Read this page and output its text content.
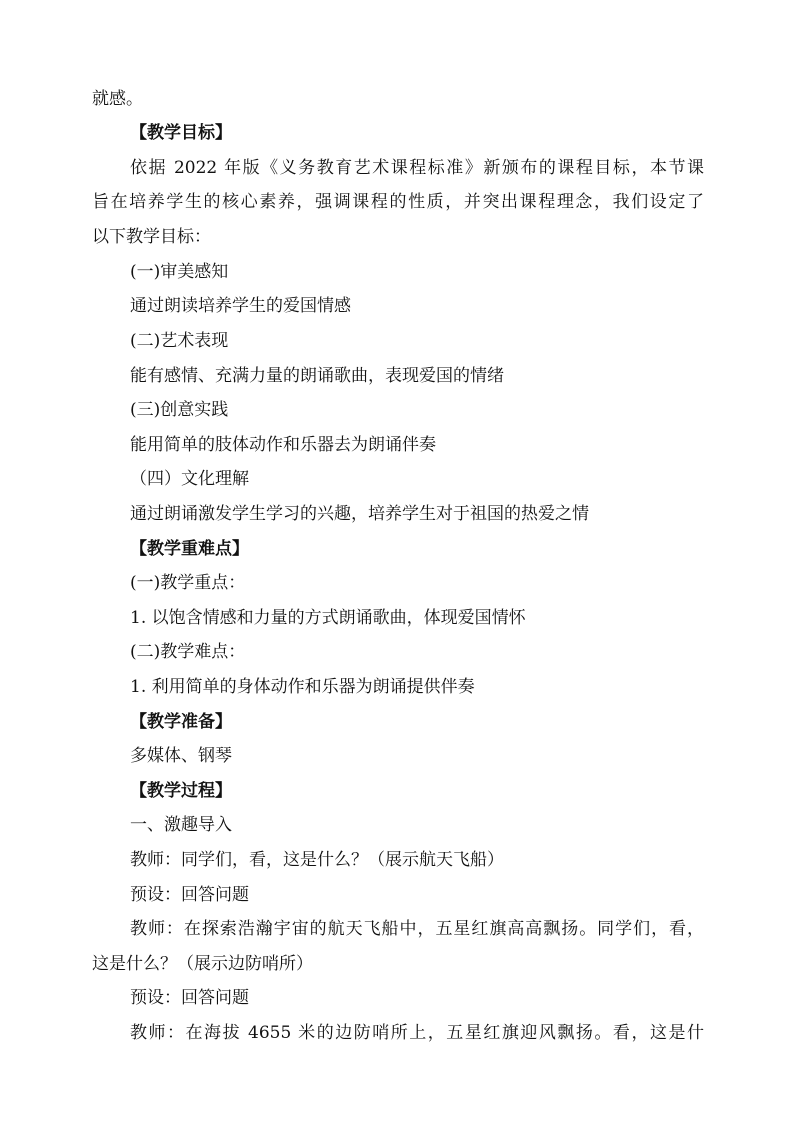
就感。
【教学目标】
依据 2022 年版《义务教育艺术课程标准》新颁布的课程目标，本节课
旨在培养学生的核心素养，强调课程的性质，并突出课程理念，我们设定了
以下教学目标：
(一)审美感知
通过朗读培养学生的爱国情感
(二)艺术表现
能有感情、充满力量的朗诵歌曲，表现爱国的情绪
(三)创意实践
能用简单的肢体动作和乐器去为朗诵伴奏
（四）文化理解
通过朗诵激发学生学习的兴趣，培养学生对于祖国的热爱之情
【教学重难点】
(一)教学重点：
1. 以饱含情感和力量的方式朗诵歌曲，体现爱国情怀
(二)教学难点：
1. 利用简单的身体动作和乐器为朗诵提供伴奏
【教学准备】
多媒体、钢琴
【教学过程】
一、激趣导入
教师：同学们，看，这是什么？（展示航天飞船）
预设：回答问题
教师：在探索浩瀚宇宙的航天飞船中，五星红旗高高飘扬。同学们，看，
这是什么？（展示边防哨所）
预设：回答问题
教师：在海拔 4655 米的边防哨所上，五星红旗迎风飘扬。看，这是什
